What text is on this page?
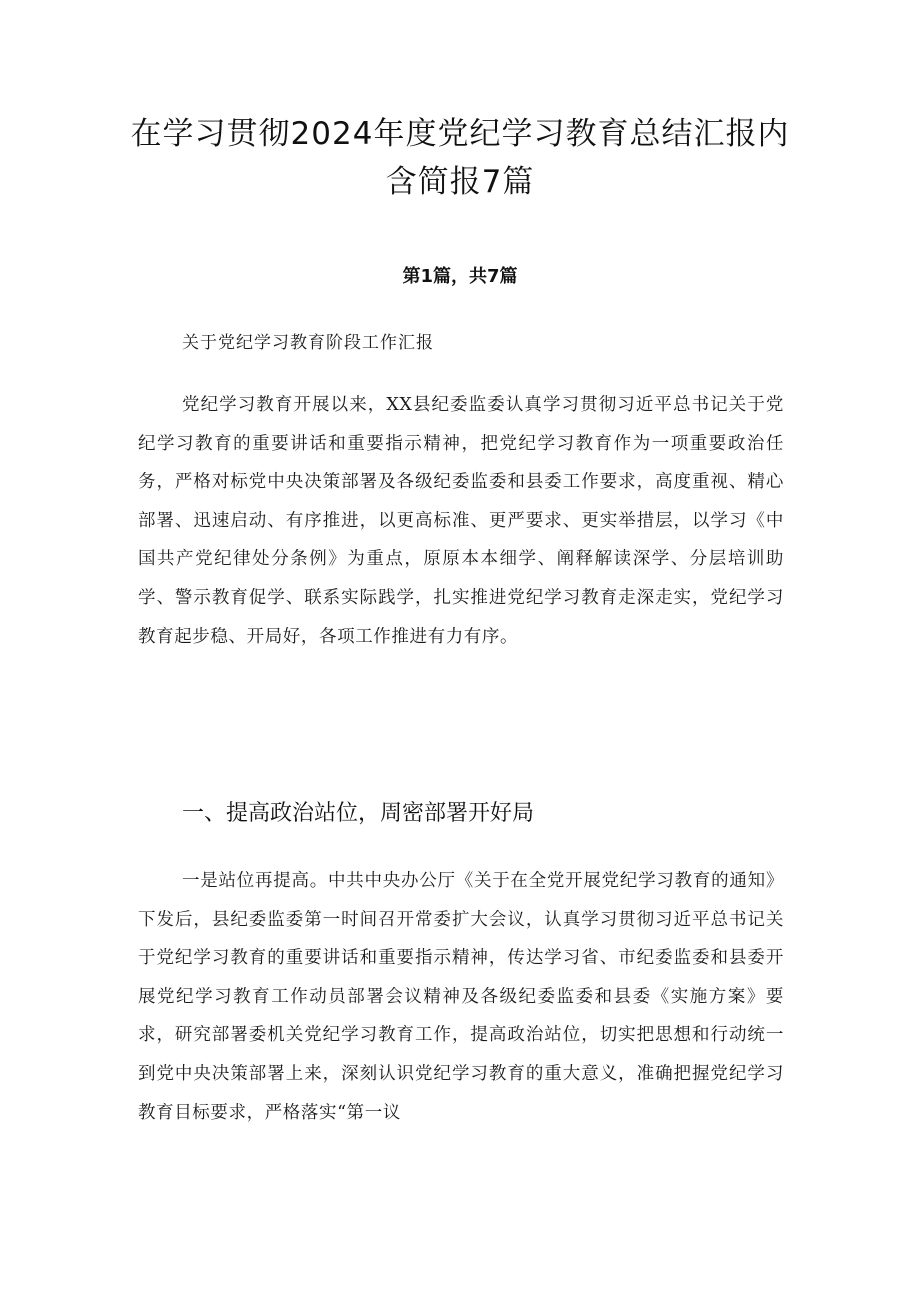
在学习贯彻2024年度党纪学习教育总结汇报内含简报7篇
第1篇，共7篇
关于党纪学习教育阶段工作汇报
党纪学习教育开展以来，XX县纪委监委认真学习贯彻习近平总书记关于党纪学习教育的重要讲话和重要指示精神，把党纪学习教育作为一项重要政治任务，严格对标党中央决策部署及各级纪委监委和县委工作要求，高度重视、精心部署、迅速启动、有序推进，以更高标准、更严要求、更实举措层，以学习《中国共产党纪律处分条例》为重点，原原本本细学、阐释解读深学、分层培训助学、警示教育促学、联系实际践学，扎实推进党纪学习教育走深走实，党纪学习教育起步稳、开局好，各项工作推进有力有序。
一、提高政治站位，周密部署开好局
一是站位再提高。中共中央办公厅《关于在全党开展党纪学习教育的通知》下发后，县纪委监委第一时间召开常委扩大会议，认真学习贯彻习近平总书记关于党纪学习教育的重要讲话和重要指示精神，传达学习省、市纪委监委和县委开展党纪学习教育工作动员部署会议精神及各级纪委监委和县委《实施方案》要求，研究部署委机关党纪学习教育工作，提高政治站位，切实把思想和行动统一到党中央决策部署上来，深刻认识党纪学习教育的重大意义，准确把握党纪学习教育目标要求，严格落实“第一议
